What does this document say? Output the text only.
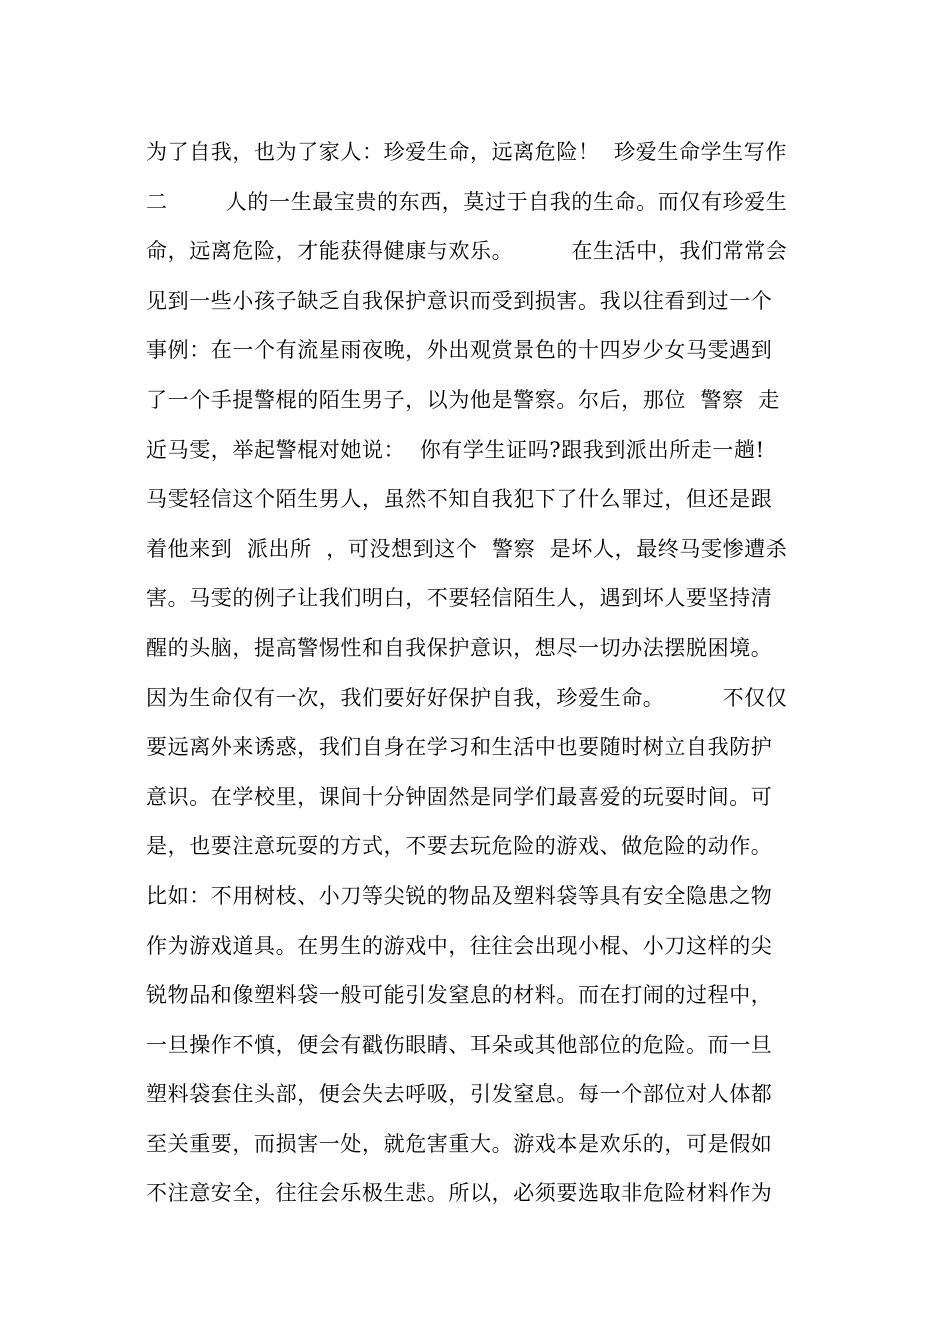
为了自我，也为了家人：珍爱生命，远离危险！  珍爱生命学生写作
二        人的一生最宝贵的东西，莫过于自我的生命。而仅有珍爱生
命，远离危险，才能获得健康与欢乐。        在生活中，我们常常会
见到一些小孩子缺乏自我保护意识而受到损害。我以往看到过一个
事例：在一个有流星雨夜晚，外出观赏景色的十四岁少女马雯遇到
了一个手提警棍的陌生男子，以为他是警察。尔后，那位  警察  走
近马雯，举起警棍对她说：  你有学生证吗?跟我到派出所走一趟!
马雯轻信这个陌生男人，虽然不知自我犯下了什么罪过，但还是跟
着他来到  派出所  ，可没想到这个  警察  是坏人，最终马雯惨遭杀
害。马雯的例子让我们明白，不要轻信陌生人，遇到坏人要坚持清
醒的头脑，提高警惕性和自我保护意识，想尽一切办法摆脱困境。
因为生命仅有一次，我们要好好保护自我，珍爱生命。        不仅仅
要远离外来诱惑，我们自身在学习和生活中也要随时树立自我防护
意识。在学校里，课间十分钟固然是同学们最喜爱的玩耍时间。可
是，也要注意玩耍的方式，不要去玩危险的游戏、做危险的动作。
比如：不用树枝、小刀等尖锐的物品及塑料袋等具有安全隐患之物
作为游戏道具。在男生的游戏中，往往会出现小棍、小刀这样的尖
锐物品和像塑料袋一般可能引发窒息的材料。而在打闹的过程中，
一旦操作不慎，便会有戳伤眼睛、耳朵或其他部位的危险。而一旦
塑料袋套住头部，便会失去呼吸，引发窒息。每一个部位对人体都
至关重要，而损害一处，就危害重大。游戏本是欢乐的，可是假如
不注意安全，往往会乐极生悲。所以，必须要选取非危险材料作为
